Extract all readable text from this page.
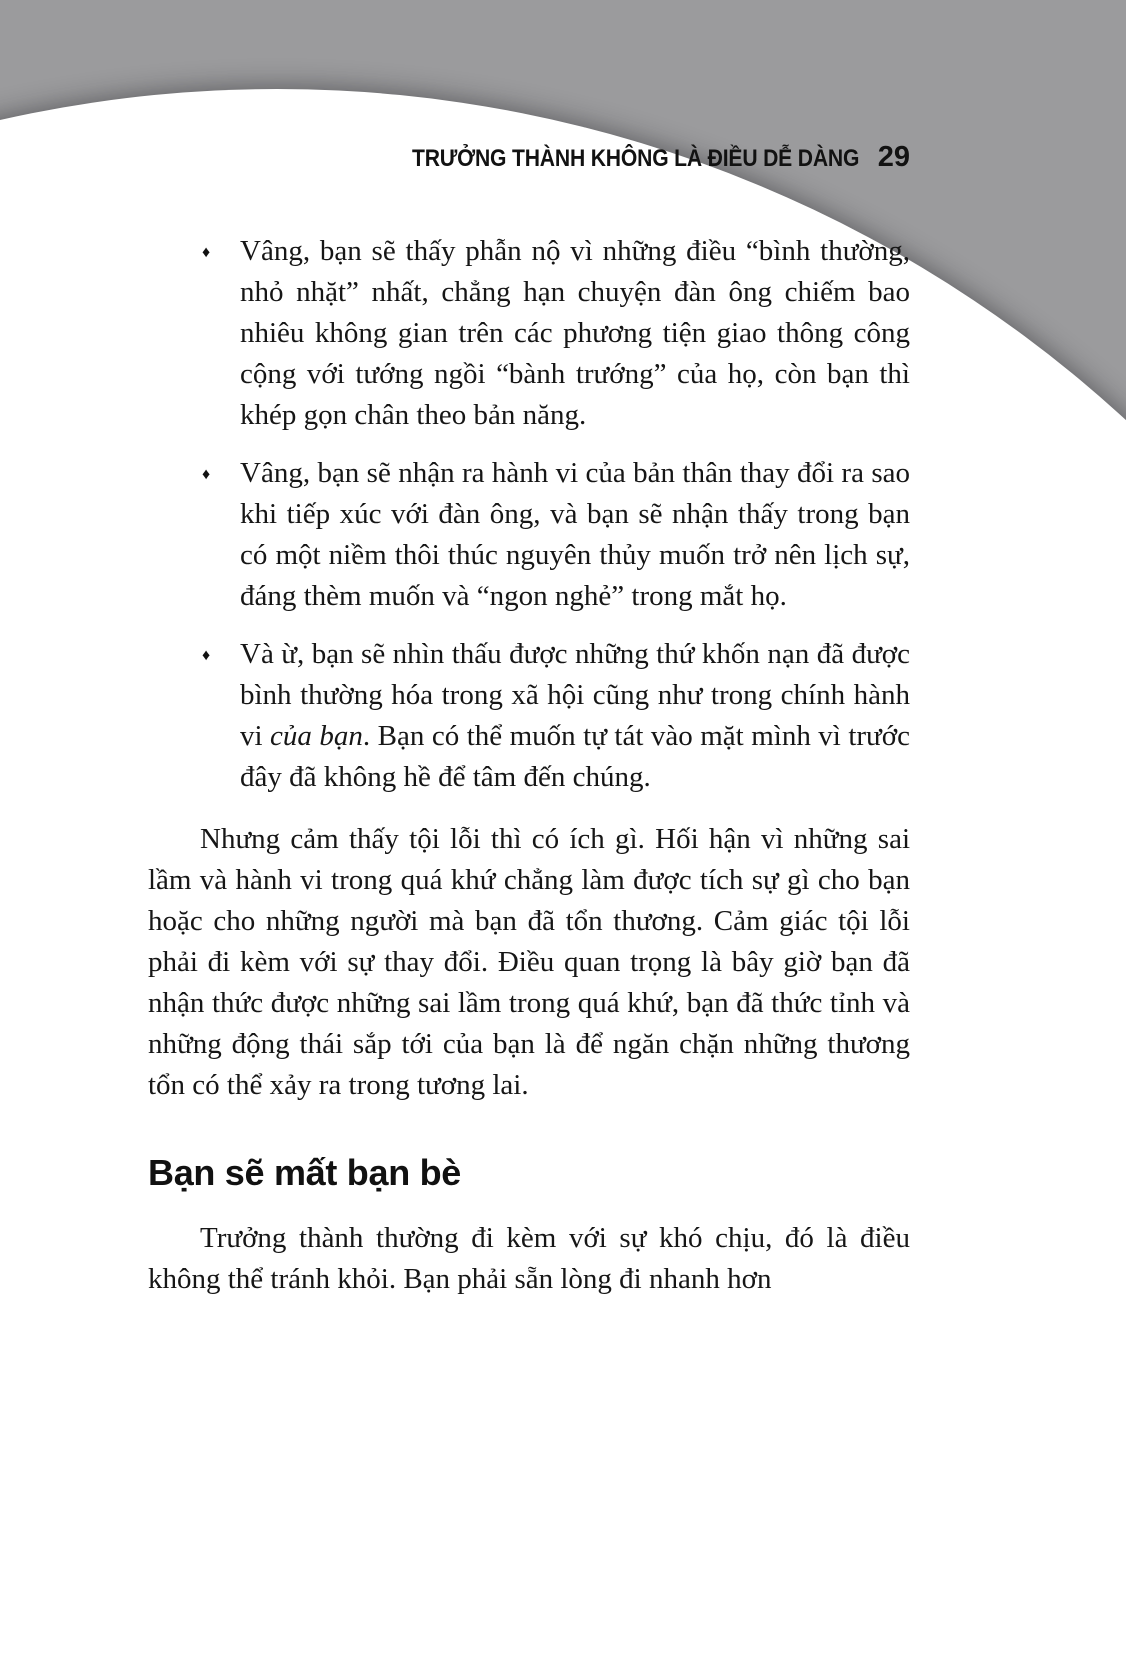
TRƯỞNG THÀNH KHÔNG LÀ ĐIỀU DỄ DÀNG 29
♦ Vâng, bạn sẽ thấy phẫn nộ vì những điều “bình thường, nhỏ nhặt” nhất, chẳng hạn chuyện đàn ông chiếm bao nhiêu không gian trên các phương tiện giao thông công cộng với tướng ngồi “bành trướng” của họ, còn bạn thì khép gọn chân theo bản năng.
♦ Vâng, bạn sẽ nhận ra hành vi của bản thân thay đổi ra sao khi tiếp xúc với đàn ông, và bạn sẽ nhận thấy trong bạn có một niềm thôi thúc nguyên thủy muốn trở nên lịch sự, đáng thèm muốn và “ngon nghẻ” trong mắt họ.
♦ Và ừ, bạn sẽ nhìn thấu được những thứ khốn nạn đã được bình thường hóa trong xã hội cũng như trong chính hành vi của bạn. Bạn có thể muốn tự tát vào mặt mình vì trước đây đã không hề để tâm đến chúng.

Nhưng cảm thấy tội lỗi thì có ích gì. Hối hận vì những sai lầm và hành vi trong quá khứ chẳng làm được tích sự gì cho bạn hoặc cho những người mà bạn đã tổn thương. Cảm giác tội lỗi phải đi kèm với sự thay đổi. Điều quan trọng là bây giờ bạn đã nhận thức được những sai lầm trong quá khứ, bạn đã thức tỉnh và những động thái sắp tới của bạn là để ngăn chặn những thương tổn có thể xảy ra trong tương lai.

Bạn sẽ mất bạn bè

Trưởng thành thường đi kèm với sự khó chịu, đó là điều không thể tránh khỏi. Bạn phải sẵn lòng đi nhanh hơn
